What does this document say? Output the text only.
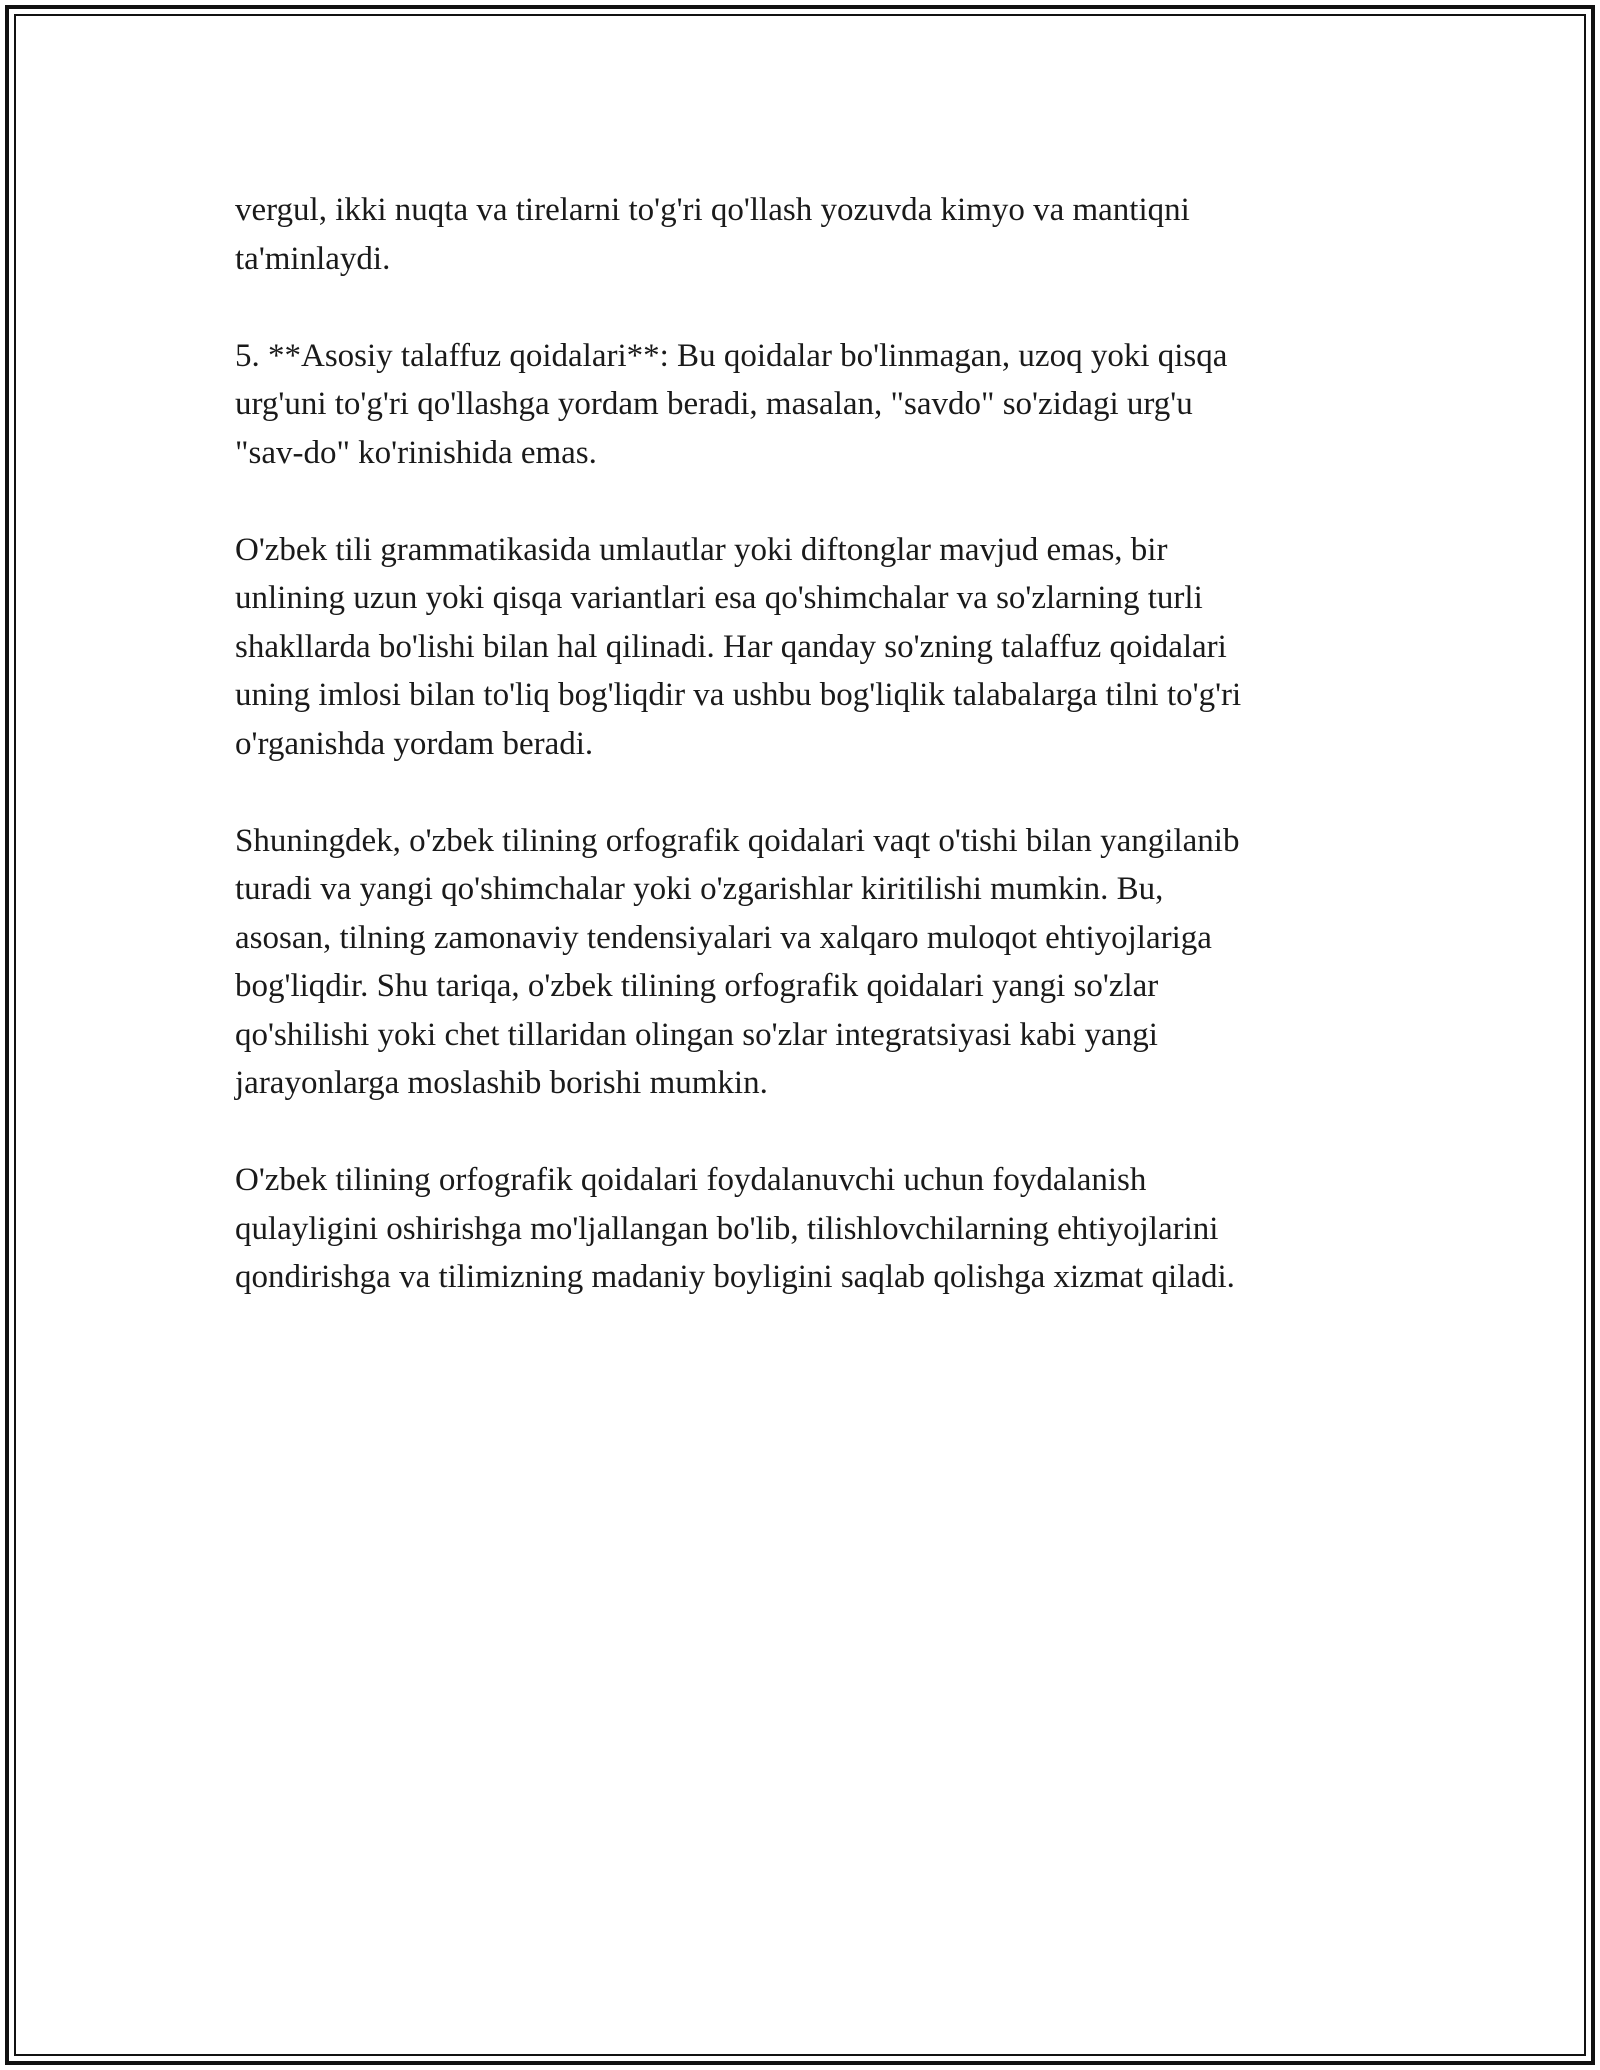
vergul, ikki nuqta va tirelarni to'g'ri qo'llash yozuvda kimyo va mantiqni
ta'minlaydi.

5. **Asosiy talaffuz qoidalari**: Bu qoidalar bo'linmagan, uzoq yoki qisqa
urg'uni to'g'ri qo'llashga yordam beradi, masalan, "savdo" so'zidagi urg'u
"sav-do" ko'rinishida emas.

O'zbek tili grammatikasida umlautlar yoki diftonglar mavjud emas, bir
unlining uzun yoki qisqa variantlari esa qo'shimchalar va so'zlarning turli
shakllarda bo'lishi bilan hal qilinadi. Har qanday so'zning talaffuz qoidalari
uning imlosi bilan to'liq bog'liqdir va ushbu bog'liqlik talabalarga tilni to'g'ri
o'rganishda yordam beradi.

Shuningdek, o'zbek tilining orfografik qoidalari vaqt o'tishi bilan yangilanib
turadi va yangi qo'shimchalar yoki o'zgarishlar kiritilishi mumkin. Bu,
asosan, tilning zamonaviy tendensiyalari va xalqaro muloqot ehtiyojlariga
bog'liqdir. Shu tariqa, o'zbek tilining orfografik qoidalari yangi so'zlar
qo'shilishi yoki chet tillaridan olingan so'zlar integratsiyasi kabi yangi
jarayonlarga moslashib borishi mumkin.

O'zbek tilining orfografik qoidalari foydalanuvchi uchun foydalanish
qulayligini oshirishga mo'ljallangan bo'lib, tilishlovchilarning ehtiyojlarini
qondirishga va tilimizning madaniy boyligini saqlab qolishga xizmat qiladi.
